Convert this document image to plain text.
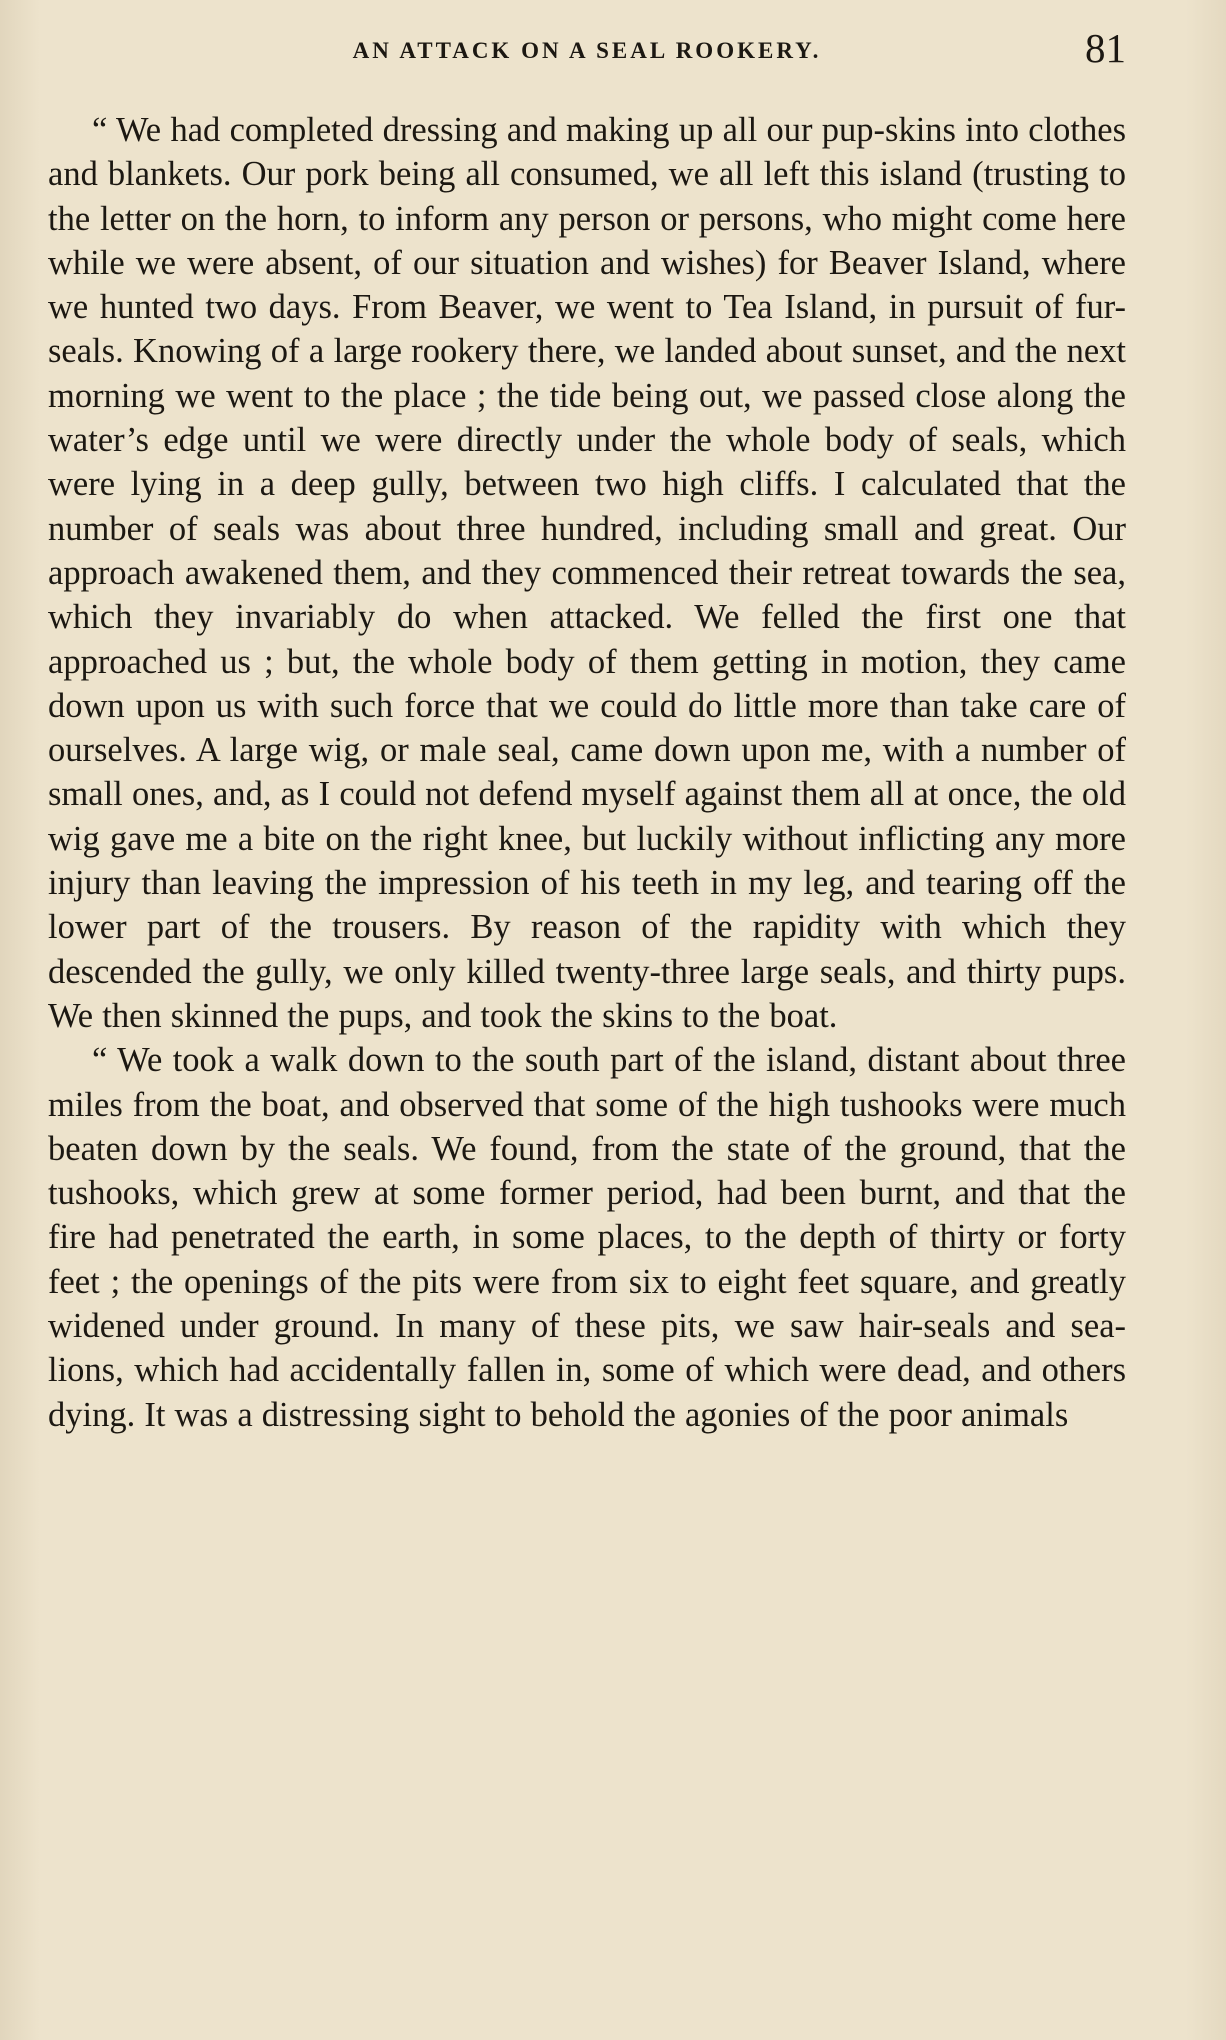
AN ATTACK ON A SEAL ROOKERY.	81

“ We had completed dressing and making up all our pup-skins into clothes and blankets. Our pork being all consumed, we all left this island (trusting to the letter on the horn, to inform any person or persons, who might come here while we were absent, of our situation and wishes) for Beaver Island, where we hunted two days. From Beaver, we went to Tea Island, in pursuit of fur-seals. Knowing of a large rookery there, we landed about sunset, and the next morning we went to the place ; the tide being out, we passed close along the water’s edge until we were directly under the whole body of seals, which were lying in a deep gully, between two high cliffs. I calculated that the number of seals was about three hundred, including small and great. Our approach awakened them, and they commenced their retreat towards the sea, which they invariably do when attacked. We felled the first one that approached us ; but, the whole body of them getting in motion, they came down upon us with such force that we could do little more than take care of ourselves. A large wig, or male seal, came down upon me, with a number of small ones, and, as I could not defend myself against them all at once, the old wig gave me a bite on the right knee, but luckily without inflicting any more injury than leaving the impression of his teeth in my leg, and tearing off the lower part of the trousers. By reason of the rapidity with which they descended the gully, we only killed twenty-three large seals, and thirty pups. We then skinned the pups, and took the skins to the boat.

“ We took a walk down to the south part of the island, distant about three miles from the boat, and observed that some of the high tushooks were much beaten down by the seals. We found, from the state of the ground, that the tushooks, which grew at some former period, had been burnt, and that the fire had penetrated the earth, in some places, to the depth of thirty or forty feet ; the openings of the pits were from six to eight feet square, and greatly widened under ground. In many of these pits, we saw hair-seals and sea-lions, which had accidentally fallen in, some of which were dead, and others dying. It was a distressing sight to behold the agonies of the poor animals
